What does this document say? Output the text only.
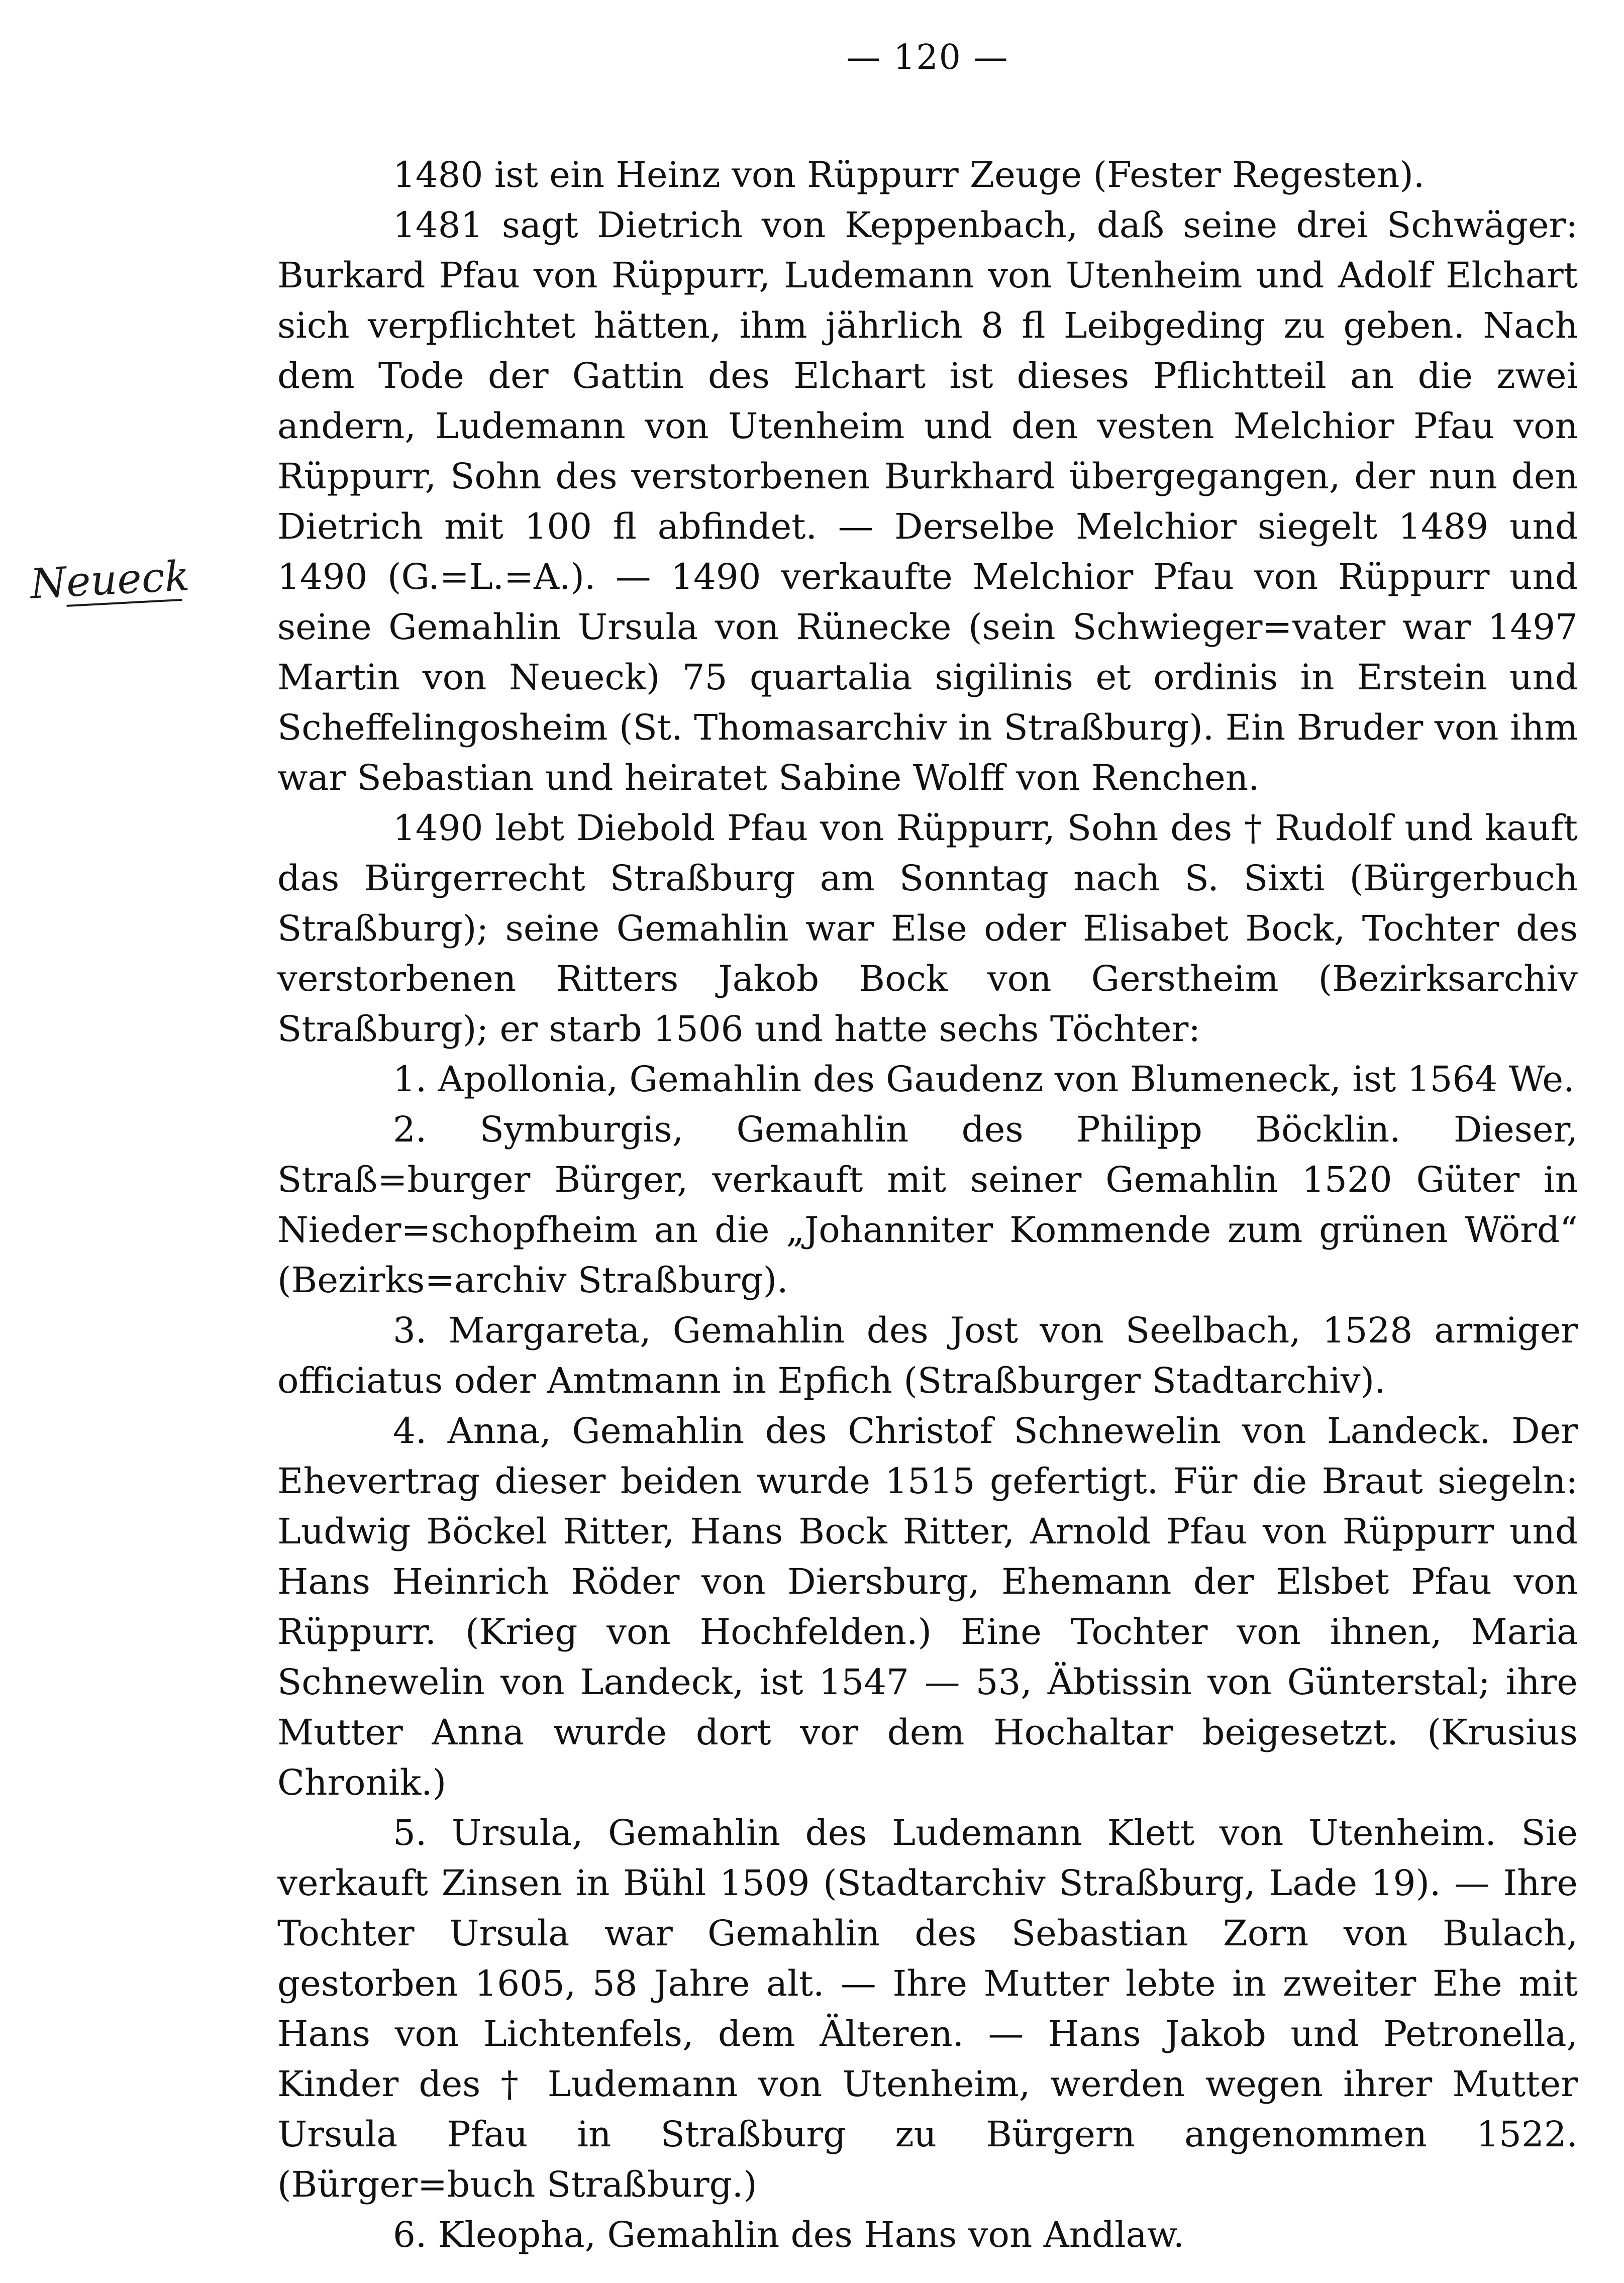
Neueck
— 120 —

1480 ist ein Heinz von Rüppurr Zeuge (Fester Regesten).

1481 sagt Dietrich von Keppenbach, daß seine drei Schwäger: Burkard Pfau von Rüppurr, Ludemann von Utenheim und Adolf Elchart sich verpflichtet hätten, ihm jährlich 8 fl Leibgeding zu geben. Nach dem Tode der Gattin des Elchart ist dieses Pflichtteil an die zwei andern, Ludemann von Utenheim und den vesten Melchior Pfau von Rüppurr, Sohn des verstorbenen Burkhard übergegangen, der nun den Dietrich mit 100 fl abfindet. — Derselbe Melchior siegelt 1489 und 1490 (G.=L.=A.). — 1490 verkaufte Melchior Pfau von Rüppurr und seine Gemahlin Ursula von Rünecke (sein Schwieger=vater war 1497 Martin von Neueck) 75 quartalia sigilinis et ordinis in Erstein und Scheffelingosheim (St. Thomasarchiv in Straßburg). Ein Bruder von ihm war Sebastian und heiratet Sabine Wolff von Renchen.

1490 lebt Diebold Pfau von Rüppurr, Sohn des † Rudolf und kauft das Bürgerrecht Straßburg am Sonntag nach S. Sixti (Bürgerbuch Straßburg); seine Gemahlin war Else oder Elisabet Bock, Tochter des verstorbenen Ritters Jakob Bock von Gerstheim (Bezirksarchiv Straßburg); er starb 1506 und hatte sechs Töchter:

1. Apollonia, Gemahlin des Gaudenz von Blumeneck, ist 1564 We.

2. Symburgis, Gemahlin des Philipp Böcklin. Dieser, Straß=burger Bürger, verkauft mit seiner Gemahlin 1520 Güter in Nieder=schopfheim an die „Johanniter Kommende zum grünen Wörd“ (Bezirks=archiv Straßburg).

3. Margareta, Gemahlin des Jost von Seelbach, 1528 armiger officiatus oder Amtmann in Epfich (Straßburger Stadtarchiv).

4. Anna, Gemahlin des Christof Schnewelin von Landeck. Der Ehevertrag dieser beiden wurde 1515 gefertigt. Für die Braut siegeln: Ludwig Böckel Ritter, Hans Bock Ritter, Arnold Pfau von Rüppurr und Hans Heinrich Röder von Diersburg, Ehemann der Elsbet Pfau von Rüppurr. (Krieg von Hochfelden.) Eine Tochter von ihnen, Maria Schnewelin von Landeck, ist 1547 — 53, Äbtissin von Günterstal; ihre Mutter Anna wurde dort vor dem Hochaltar beigesetzt. (Krusius Chronik.)

5. Ursula, Gemahlin des Ludemann Klett von Utenheim. Sie verkauft Zinsen in Bühl 1509 (Stadtarchiv Straßburg, Lade 19). — Ihre Tochter Ursula war Gemahlin des Sebastian Zorn von Bulach, gestorben 1605, 58 Jahre alt. — Ihre Mutter lebte in zweiter Ehe mit Hans von Lichtenfels, dem Älteren. — Hans Jakob und Petronella, Kinder des † Ludemann von Utenheim, werden wegen ihrer Mutter Ursula Pfau in Straßburg zu Bürgern angenommen 1522. (Bürger=buch Straßburg.)

6. Kleopha, Gemahlin des Hans von Andlaw.
